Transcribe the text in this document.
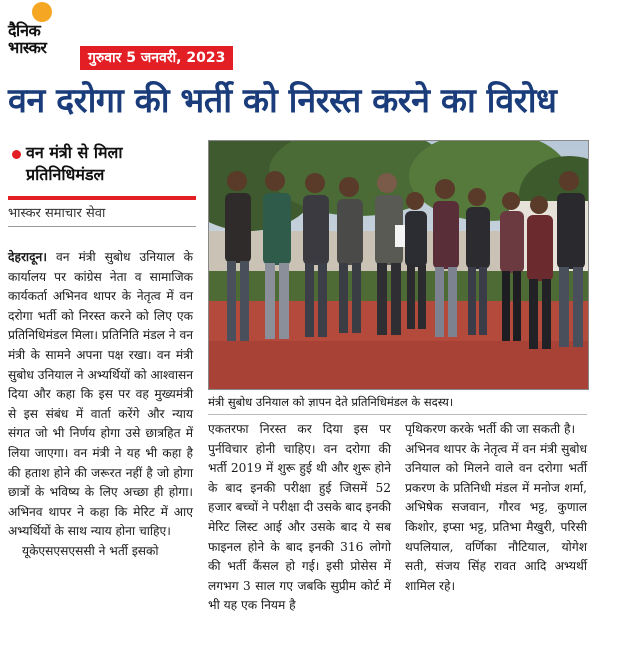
दैनिक
भास्कर
गुरुवार 5 जनवरी, 2023
वन दरोगा की भर्ती को निरस्त करने का विरोध
वन मंत्री से मिला प्रतिनिधिमंडल
भास्कर समाचार सेवा

देहरादून। वन मंत्री सुबोध उनियाल के कार्यालय पर कांग्रेस नेता व सामाजिक कार्यकर्ता अभिनव थापर के नेतृत्व में वन दरोगा भर्ती को निरस्त करने को लिए एक प्रतिनिधिमंडल मिला। प्रतिनिति मंडल ने वन मंत्री के सामने अपना पक्ष रखा। वन मंत्री सुबोध उनियाल ने अभ्यर्थियों को आश्वासन दिया और कहा कि इस पर वह मुख्यमंत्री से इस संबंध में वार्ता करेंगे और न्याय संगत जो भी निर्णय होगा उसे छात्रहित में लिया जाएगा। वन मंत्री ने यह भी कहा है की हताश होने की जरूरत नहीं है जो होगा छात्रों के भविष्य के लिए अच्छा ही होगा। अभिनव थापर ने कहा कि मेरिट में आए अभ्यर्थियों के साथ न्याय होना चाहिए।

यूकेएसएसएससी ने भर्ती इसको

मंत्री सुबोध उनियाल को ज्ञापन देते प्रतिनिधिमंडल के सदस्य।

एकतरफा निरस्त कर दिया इस पर पुर्नविचार होनी चाहिए। वन दरोगा की भर्ती 2019 में शुरू हुई थी और शुरू होने के बाद इनकी परीक्षा हुई जिसमें 52 हजार बच्चों ने परीक्षा दी उसके बाद इनकी मेरिट लिस्ट आई और उसके बाद ये सब फाइनल होने के बाद इनकी 316 लोगो की भर्ती कैंसल हो गई। इसी प्रोसेस में लगभग 3 साल गए जबकि सुप्रीम कोर्ट में भी यह एक नियम है

पृथिकरण करके भर्ती की जा सकती है।

अभिनव थापर के नेतृत्व में वन मंत्री सुबोध उनियाल को मिलने वाले वन दरोगा भर्ती प्रकरण के प्रतिनिधी मंडल में मनोज शर्मा, अभिषेक सजवान, गौरव भट्ट, कुणाल किशोर, इप्सा भट्ट, प्रतिभा मैखुरी, परिसी थपलियाल, वर्णिका नौटियाल, योगेश सती, संजय सिंह रावत आदि अभ्यर्थी शामिल रहे।
